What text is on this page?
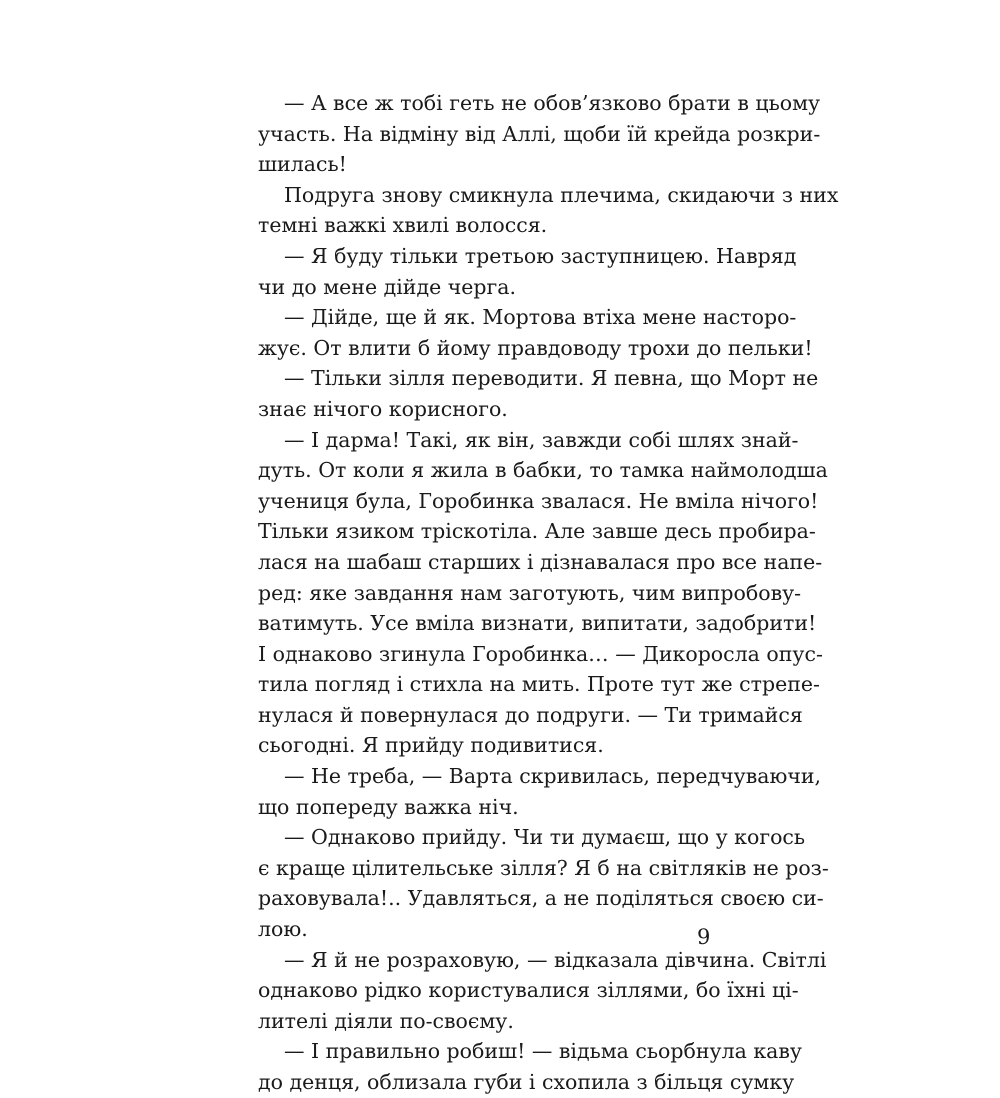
— А все ж тобі геть не обов’язково брати в цьому
участь. На відміну від Аллі, щоби їй крейда розкри-
шилась!
Подруга знову смикнула плечима, скидаючи з них
темні важкі хвилі волосся.
— Я буду тільки третьою заступницею. Навряд
чи до мене дійде черга.
— Дійде, ще й як. Мортова втіха мене насторо-
жує. От влити б йому правдоводу трохи до пельки!
— Тільки зілля переводити. Я певна, що Морт не
знає нічого корисного.
— І дарма! Такі, як він, завжди собі шлях знай-
дуть. От коли я жила в бабки, то тамка наймолодша
учениця була, Горобинка звалася. Не вміла нічого!
Тільки язиком тріскотіла. Але завше десь пробира-
лася на шабаш старших і дізнавалася про все напе-
ред: яке завдання нам заготують, чим випробову-
ватимуть. Усе вміла визнати, випитати, задобрити!
І однаково згинула Горобинка… — Дикоросла опус-
тила погляд і стихла на мить. Проте тут же стрепе-
нулася й повернулася до подруги. — Ти тримайся
сьогодні. Я прийду подивитися.
— Не треба, — Варта скривилась, передчуваючи,
що попереду важка ніч.
— Однаково прийду. Чи ти думаєш, що у когось
є краще цілительське зілля? Я б на світляків не роз-
раховувала!.. Удавляться, а не поділяться своєю си-
лою.
— Я й не розраховую, — відказала дівчина. Світлі
однаково рідко користувалися зіллями, бо їхні ці-
лителі діяли по-своєму.
— І правильно робиш! — відьма сьорбнула каву
до денця, облизала губи і схопила з більця сумку
9
